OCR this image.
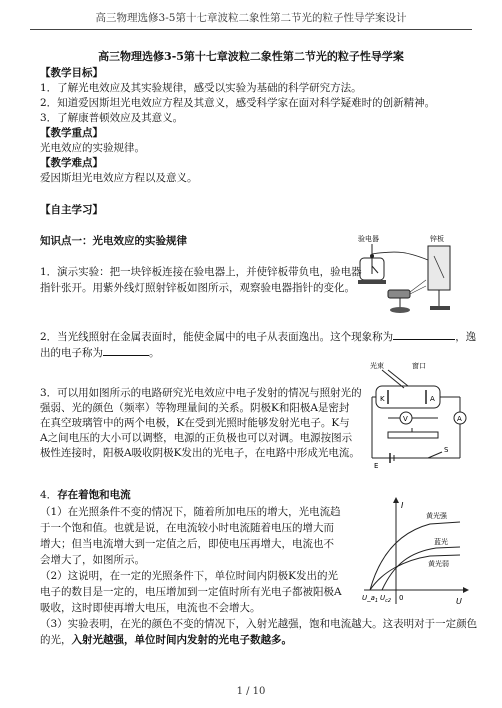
高三物理选修3-5第十七章波粒二象性第二节光的粒子性导学案设计
高三物理选修3-5第十七章波粒二象性第二节光的粒子性导学案
【教学目标】
1．了解光电效应及其实验规律，感受以实验为基础的科学研究方法。
2．知道爱因斯坦光电效应方程及其意义，感受科学家在面对科学疑难时的创新精神。
3．了解康普顿效应及其意义。
【教学重点】
光电效应的实验规律。
【教学难点】
爱因斯坦光电效应方程以及意义。
【自主学习】
知识点一：光电效应的实验规律
1．演示实验：把一块锌板连接在验电器上，并使锌板带负电，验电器
指针张开。用紫外线灯照射锌板如图所示，观察验电器指针的变化。
验电器	锌板
2．当光线照射在金属表面时，能使金属中的电子从表面逸出。这个现象称为	，逸
出的电子称为	。
3．可以用如图所示的电路研究光电效应中电子发射的情况与照射光的
强弱、光的颜色（频率）等物理量间的关系。阴极K和阳极A是密封
在真空玻璃管中的两个电极，K在受到光照时能够发射光电子。K与
A之间电压的大小可以调整，电源的正负极也可以对调。电源按图示
极性连接时，阳极A吸收阴极K发出的光电子，在电路中形成光电流。
光束	窗口
K	A
V	A
S
E
4．存在着饱和电流
（1）在光照条件不变的情况下，随着所加电压的增大，光电流趋
于一个饱和值。也就是说，在电流较小时电流随着电压的增大而
增大；但当电流增大到一定值之后，即使电压再增大，电流也不
会增大了，如图所示。
（2）这说明，在一定的光照条件下，单位时间内阴极K发出的光
电子的数目是一定的，电压增加到一定值时所有光电子都被阳极A
吸收，这时即使再增大电压，电流也不会增大。
（3）实验表明，在光的颜色不变的情况下，入射光越强，饱和电流越大。这表明对于一定颜色
的光，入射光越强，单位时间内发射的光电子数越多。
I
U
0
$U\_a_1$ $U_{c2}$
黄光强
蓝光
黄光弱
1 / 10
